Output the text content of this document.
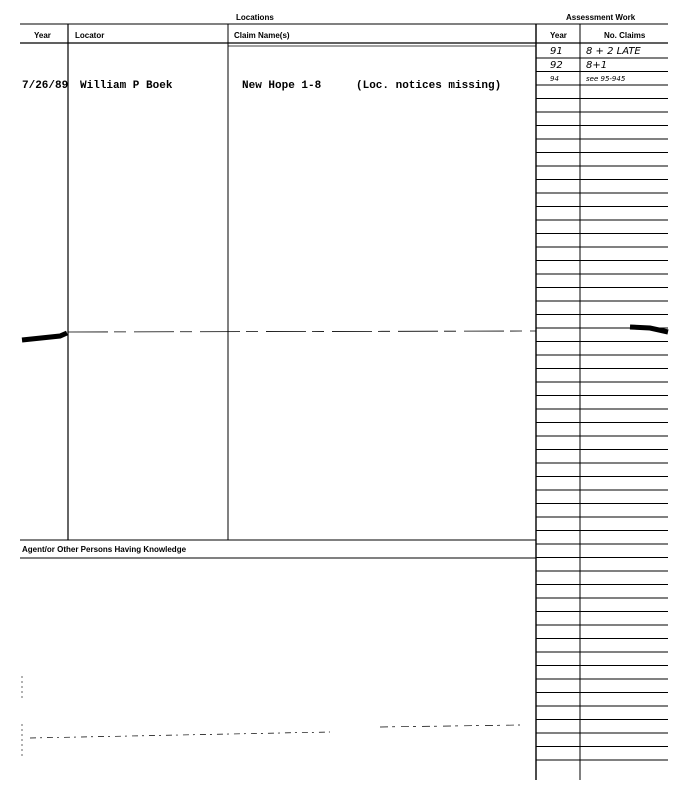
Locations	Assessment Work
Year	Locator	Claim Name(s)	Year	No. Claims
Agent/or Other Persons Having Knowledge
7/26/89 William P Boek	New Hope 1-8	(Loc. notices missing)
91 8 + 2 LATE
92 8+1
94	see 95-945
